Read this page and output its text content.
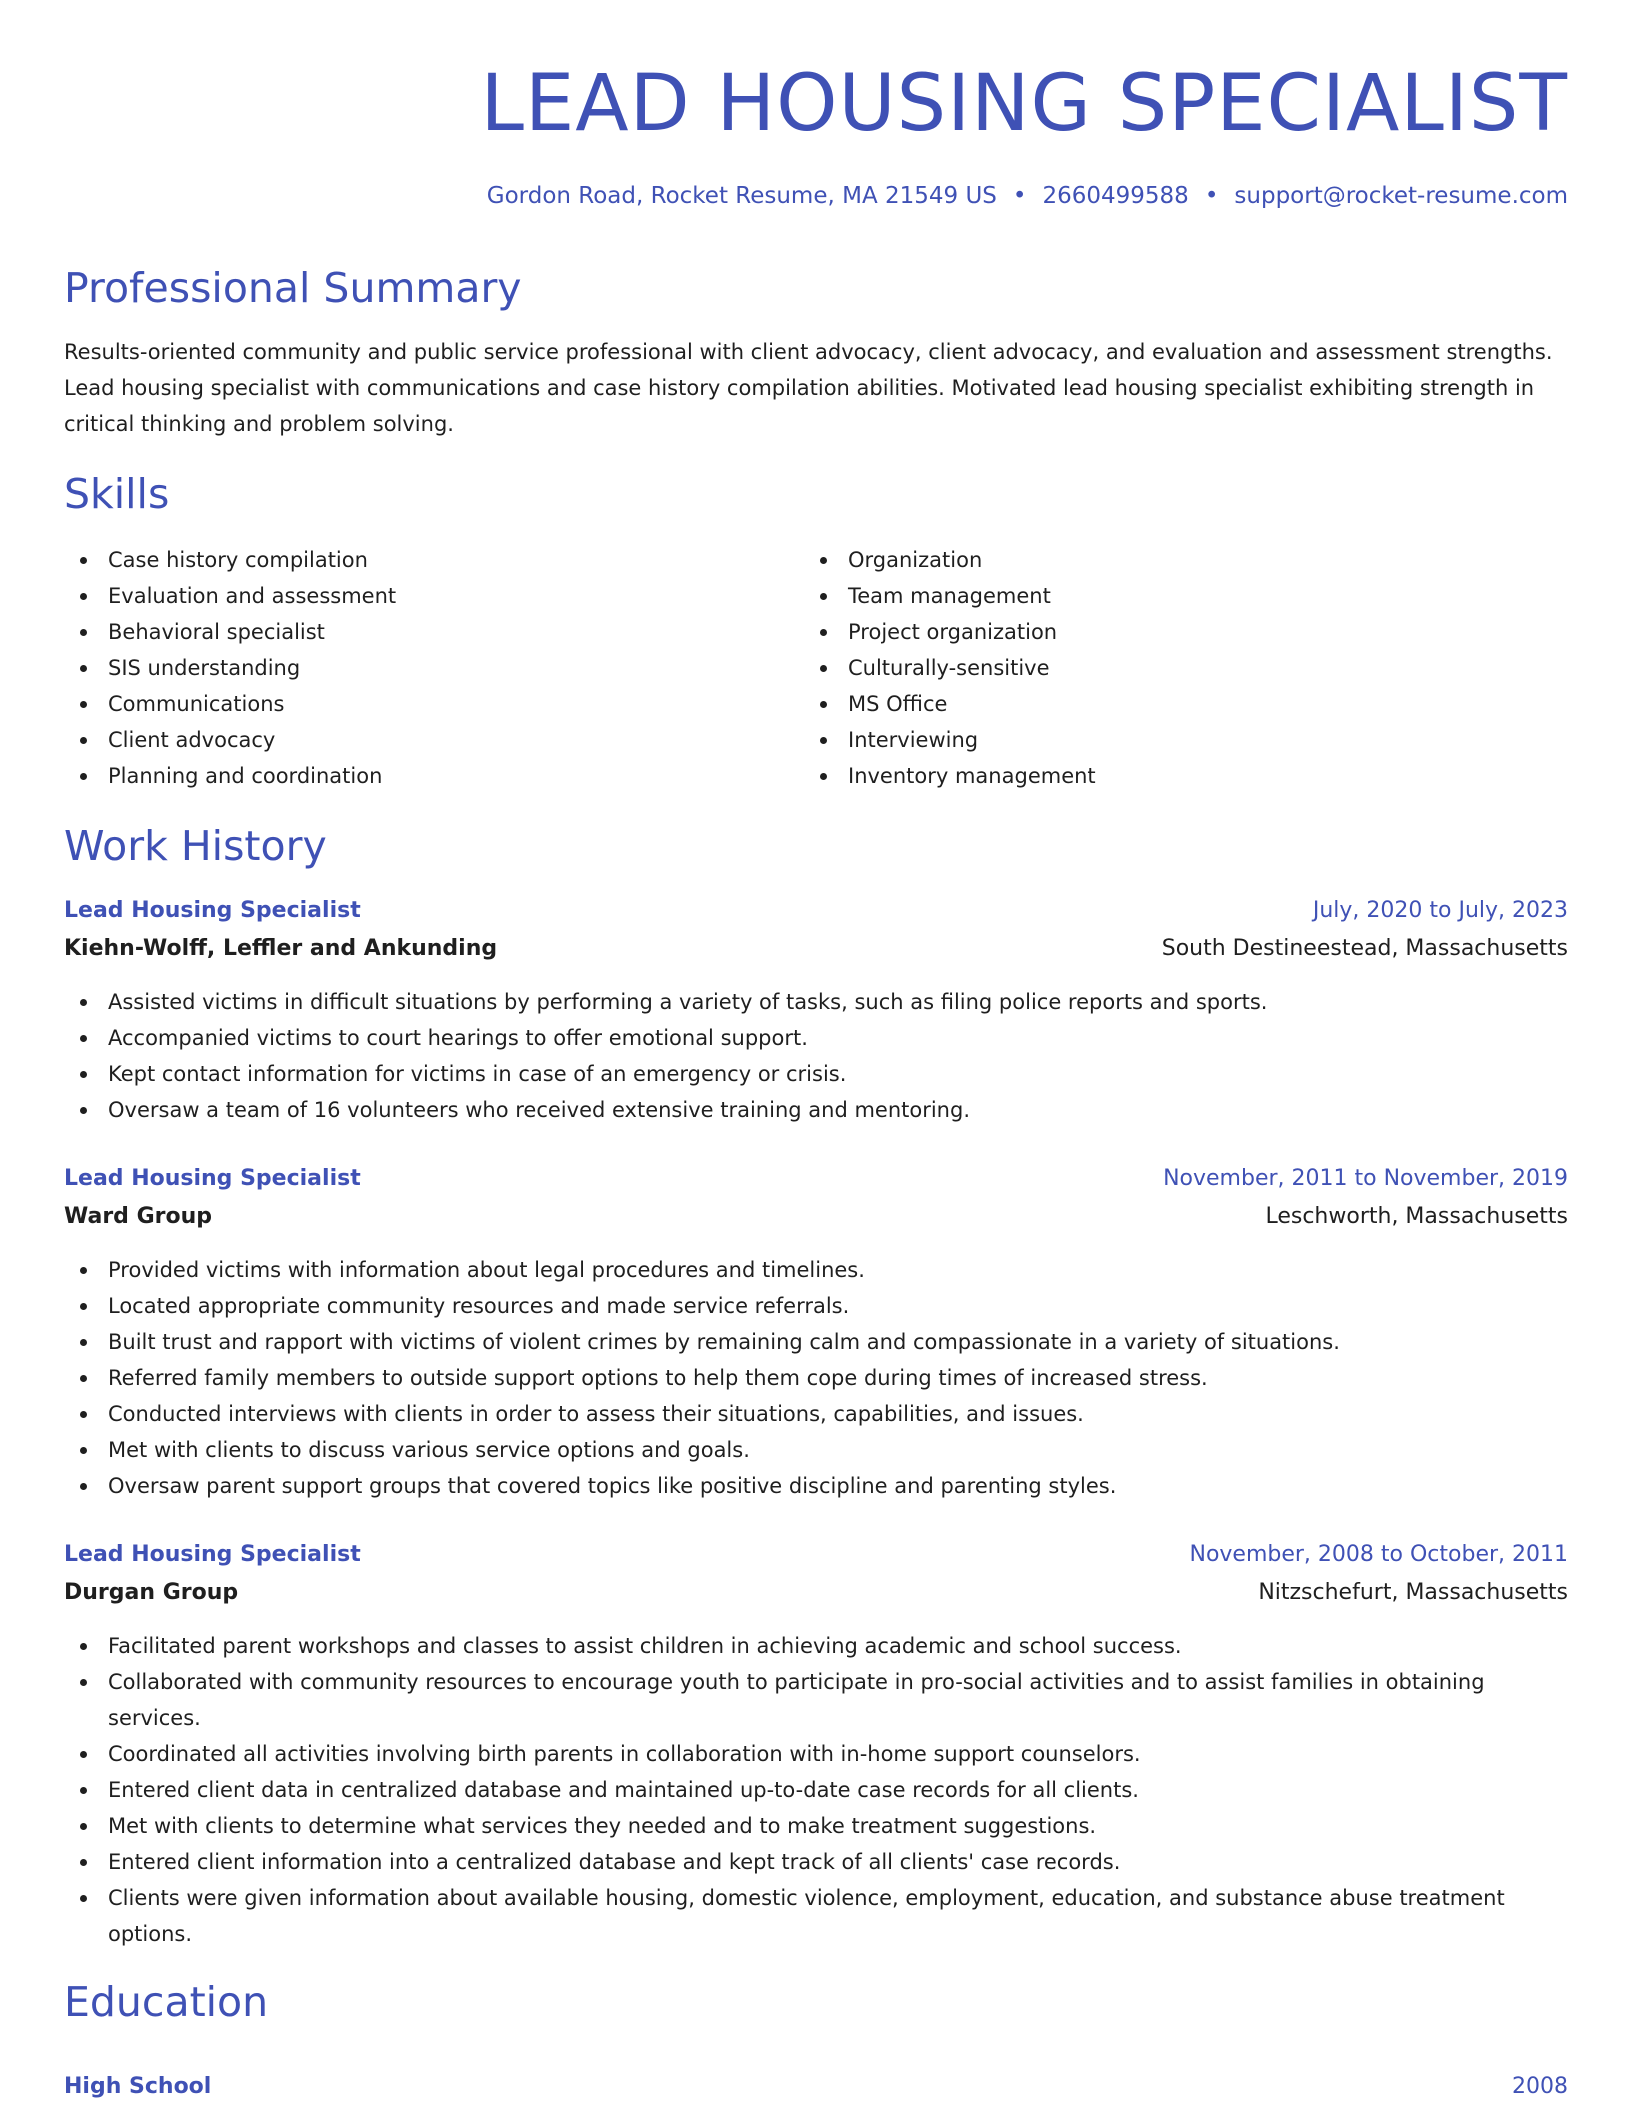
LEAD HOUSING SPECIALIST
Gordon Road, Rocket Resume, MA 21549 US • 2660499588 • support@rocket-resume.com
Professional Summary
Results-oriented community and public service professional with client advocacy, client advocacy, and evaluation and assessment strengths. Lead housing specialist with communications and case history compilation abilities. Motivated lead housing specialist exhibiting strength in critical thinking and problem solving.
Skills
Case history compilation
Evaluation and assessment
Behavioral specialist
SIS understanding
Communications
Client advocacy
Planning and coordination
Organization
Team management
Project organization
Culturally-sensitive
MS Office
Interviewing
Inventory management
Work History
Lead Housing Specialist	July, 2020 to July, 2023
Kiehn-Wolff, Leffler and Ankunding	South Destineestead, Massachusetts
Assisted victims in difficult situations by performing a variety of tasks, such as filing police reports and sports.
Accompanied victims to court hearings to offer emotional support.
Kept contact information for victims in case of an emergency or crisis.
Oversaw a team of 16 volunteers who received extensive training and mentoring.
Lead Housing Specialist	November, 2011 to November, 2019
Ward Group	Leschworth, Massachusetts
Provided victims with information about legal procedures and timelines.
Located appropriate community resources and made service referrals.
Built trust and rapport with victims of violent crimes by remaining calm and compassionate in a variety of situations.
Referred family members to outside support options to help them cope during times of increased stress.
Conducted interviews with clients in order to assess their situations, capabilities, and issues.
Met with clients to discuss various service options and goals.
Oversaw parent support groups that covered topics like positive discipline and parenting styles.
Lead Housing Specialist	November, 2008 to October, 2011
Durgan Group	Nitzschefurt, Massachusetts
Facilitated parent workshops and classes to assist children in achieving academic and school success.
Collaborated with community resources to encourage youth to participate in pro-social activities and to assist families in obtaining services.
Coordinated all activities involving birth parents in collaboration with in-home support counselors.
Entered client data in centralized database and maintained up-to-date case records for all clients.
Met with clients to determine what services they needed and to make treatment suggestions.
Entered client information into a centralized database and kept track of all clients' case records.
Clients were given information about available housing, domestic violence, employment, education, and substance abuse treatment options.
Education
High School	2008
